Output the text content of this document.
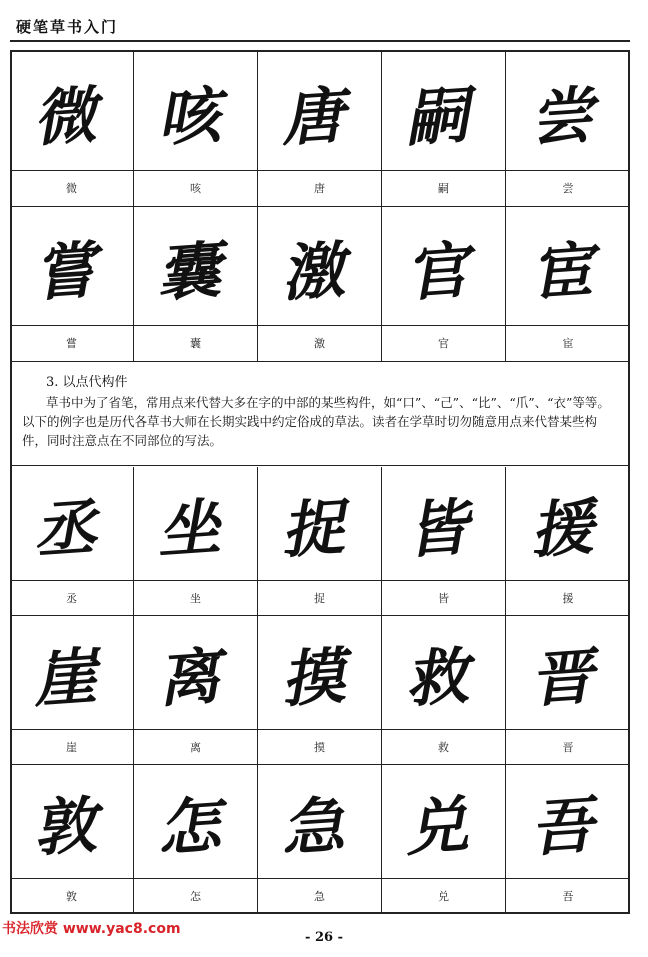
硬笔草书入门
微
微
咳
咳
唐
唐
嗣
嗣
尝
尝
嘗
嘗
囊
囊
激
激
官
官
宦
宦
3. 以点代构件

草书中为了省笔，常用点来代替大多在字的中部的某些构件，如“口”、“己”、“比”、“爪”、“衣”等等。以下的例字也是历代各草书大师在长期实践中约定俗成的草法。读者在学草时切勿随意用点来代替某些构件，同时注意点在不同部位的写法。

丞
丞
坐
坐
捉
捉
皆
皆
援
援
崖
崖
离
离
摸
摸
救
救
晋
晋
敦
敦
怎
怎
急
急
兑
兑
吾
吾
书法欣赏 www.yac8.com
- 26 -
